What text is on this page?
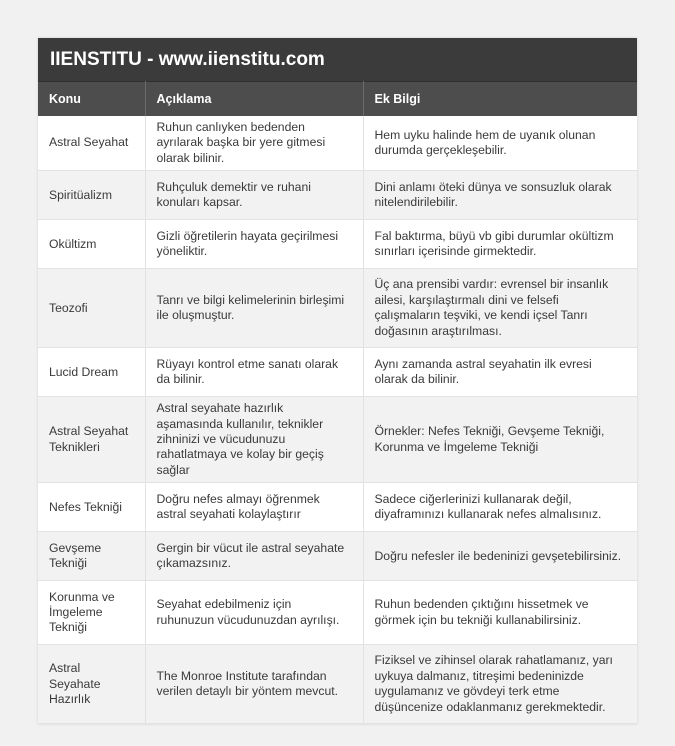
IIENSTITU - www.iienstitu.com
Konu	Açıklama	Ek Bilgi
Astral Seyahat	Ruhun canlıyken bedenden ayrılarak başka bir yere gitmesi olarak bilinir.	Hem uyku halinde hem de uyanık olunan durumda gerçekleşebilir.
Spiritüalizm	Ruhçuluk demektir ve ruhani konuları kapsar.	Dini anlamı öteki dünya ve sonsuzluk olarak nitelendirilebilir.
Okültizm	Gizli öğretilerin hayata geçirilmesi yöneliktir.	Fal baktırma, büyü vb gibi durumlar okültizm sınırları içerisinde girmektedir.
Teozofi	Tanrı ve bilgi kelimelerinin birleşimi ile oluşmuştur.	Üç ana prensibi vardır: evrensel bir insanlık ailesi, karşılaştırmalı dini ve felsefi çalışmaların teşviki, ve kendi içsel Tanrı doğasının araştırılması.
Lucid Dream	Rüyayı kontrol etme sanatı olarak da bilinir.	Aynı zamanda astral seyahatin ilk evresi olarak da bilinir.
Astral Seyahat Teknikleri	Astral seyahate hazırlık aşamasında kullanılır, teknikler zihninizi ve vücudunuzu rahatlatmaya ve kolay bir geçiş sağlar	Örnekler: Nefes Tekniği, Gevşeme Tekniği, Korunma ve İmgeleme Tekniği
Nefes Tekniği	Doğru nefes almayı öğrenmek astral seyahati kolaylaştırır	Sadece ciğerlerinizi kullanarak değil, diyaframınızı kullanarak nefes almalısınız.
Gevşeme Tekniği	Gergin bir vücut ile astral seyahate çıkamazsınız.	Doğru nefesler ile bedeninizi gevşetebilirsiniz.
Korunma ve İmgeleme Tekniği	Seyahat edebilmeniz için ruhunuzun vücudunuzdan ayrılışı.	Ruhun bedenden çıktığını hissetmek ve görmek için bu tekniği kullanabilirsiniz.
Astral Seyahate Hazırlık	The Monroe Institute tarafından verilen detaylı bir yöntem mevcut.	Fiziksel ve zihinsel olarak rahatlamanız, yarı uykuya dalmanız, titreşimi bedeninizde uygulamanız ve gövdeyi terk etme düşüncenize odaklanmanız gerekmektedir.
